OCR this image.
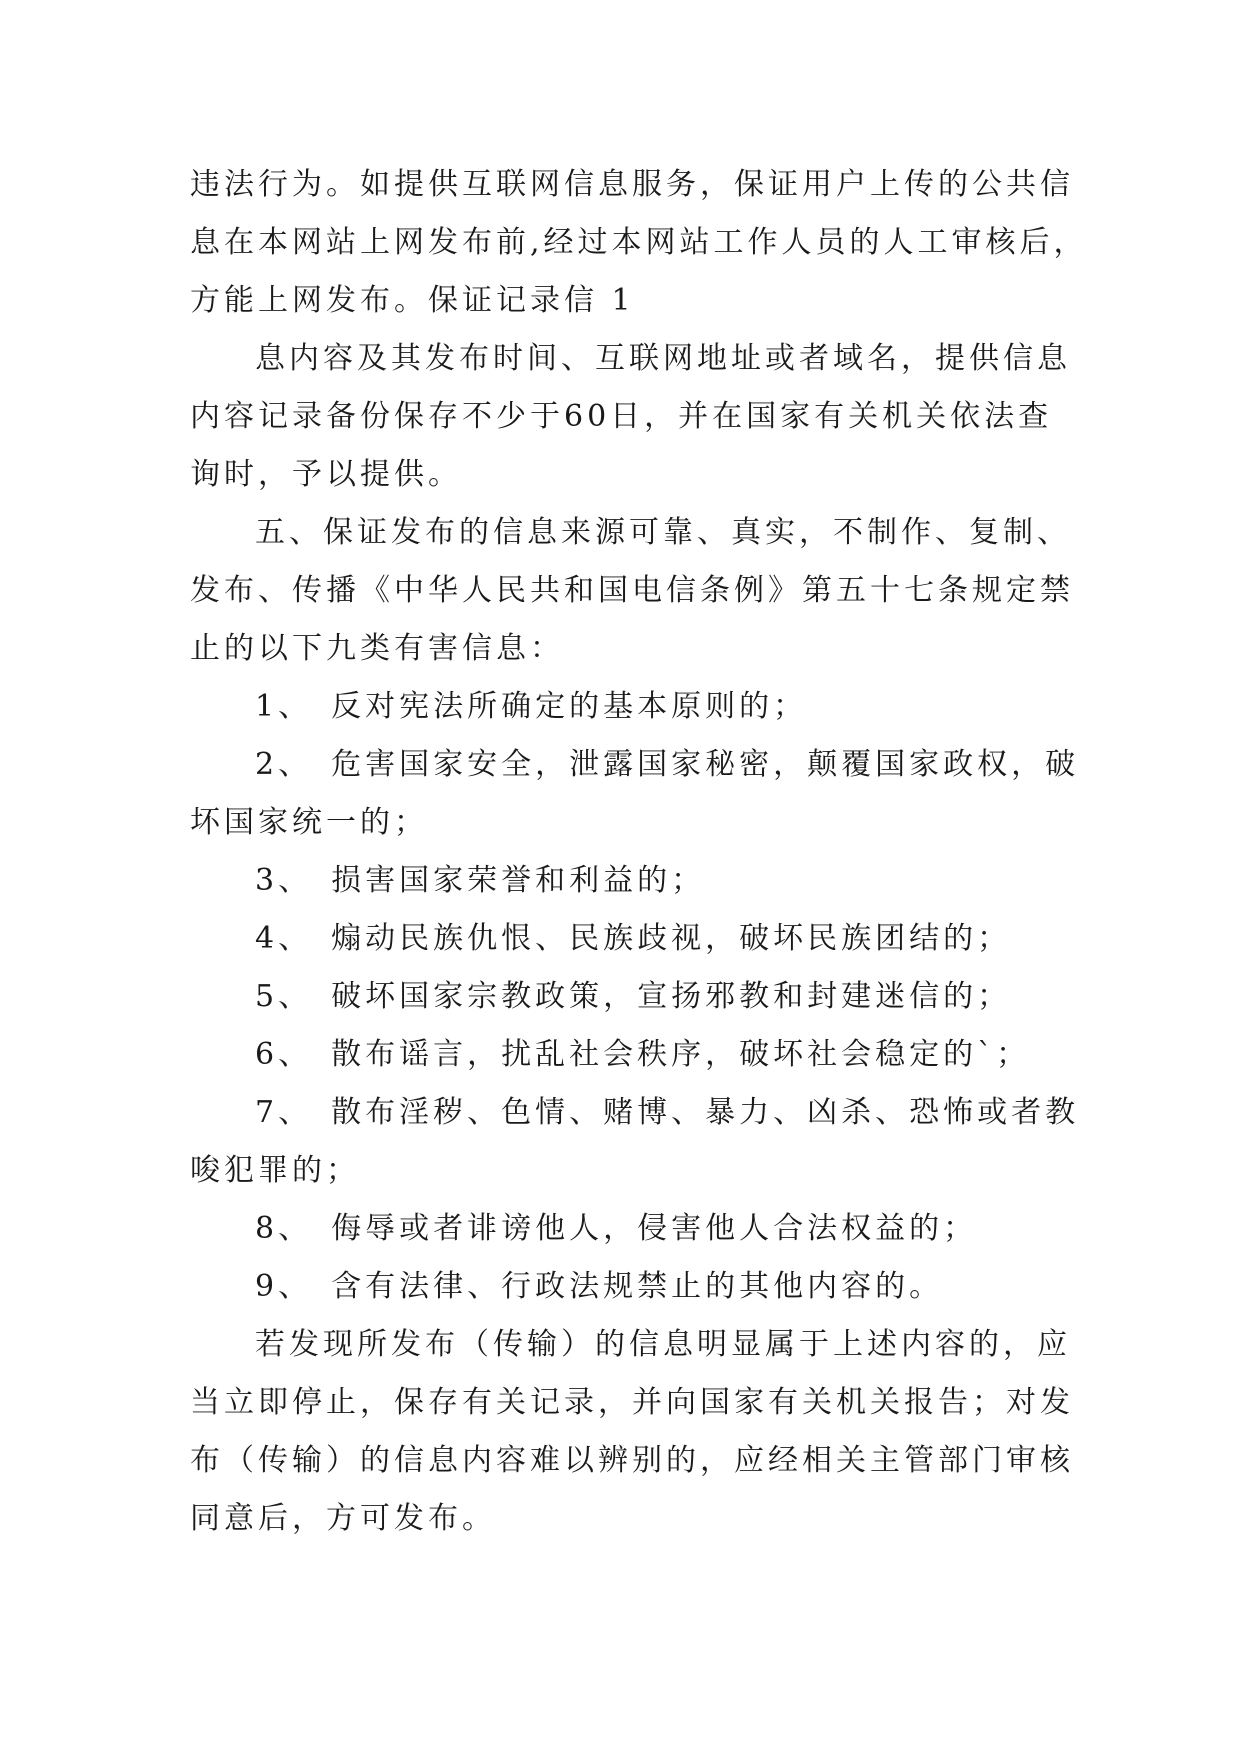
违法行为。如提供互联网信息服务，保证用户上传的公共信
息在本网站上网发布前,经过本网站工作人员的人工审核后，
方能上网发布。保证记录信 1
息内容及其发布时间、互联网地址或者域名，提供信息
内容记录备份保存不少于60日，并在国家有关机关依法查
询时，予以提供。
五、保证发布的信息来源可靠、真实，不制作、复制、
发布、传播《中华人民共和国电信条例》第五十七条规定禁
止的以下九类有害信息：
1、　反对宪法所确定的基本原则的；
2、　危害国家安全，泄露国家秘密，颠覆国家政权，破
坏国家统一的；
3、　损害国家荣誉和利益的；
4、　煽动民族仇恨、民族歧视，破坏民族团结的；
5、　破坏国家宗教政策，宣扬邪教和封建迷信的；
6、　散布谣言，扰乱社会秩序，破坏社会稳定的`；
7、　散布淫秽、色情、赌博、暴力、凶杀、恐怖或者教
唆犯罪的；
8、　侮辱或者诽谤他人，侵害他人合法权益的；
9、　含有法律、行政法规禁止的其他内容的。
若发现所发布（传输）的信息明显属于上述内容的，应
当立即停止，保存有关记录，并向国家有关机关报告；对发
布（传输）的信息内容难以辨别的，应经相关主管部门审核
同意后，方可发布。
